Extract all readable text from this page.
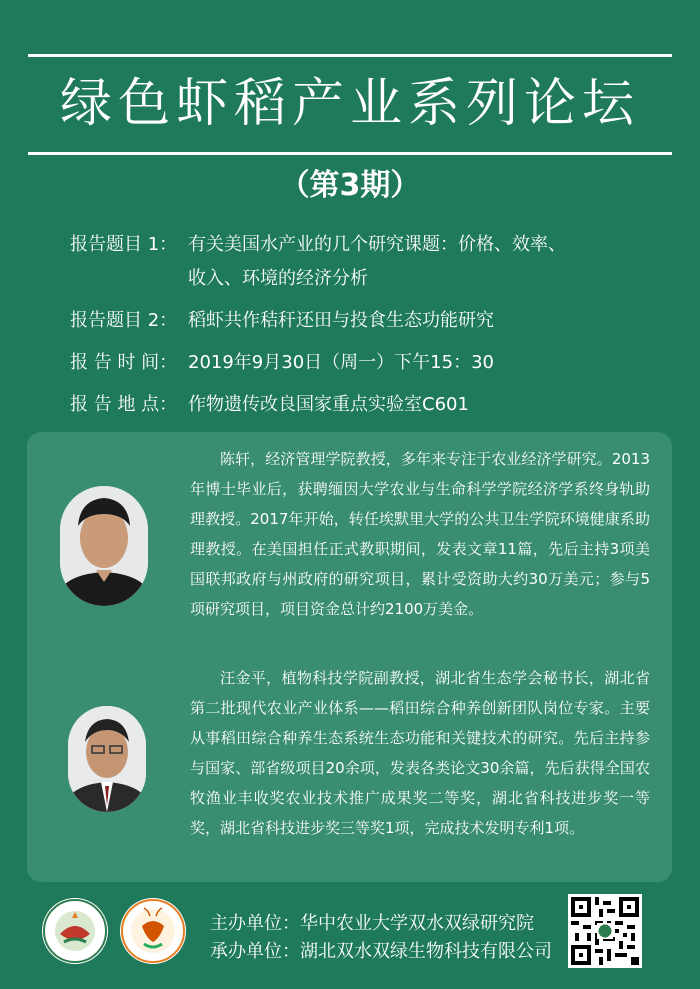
绿色虾稻产业系列论坛
（第3期）
报告题目 1： 有关美国水产业的几个研究课题：价格、效率、
收入、环境的经济分析
报告题目 2： 稻虾共作秸秆还田与投食生态功能研究
报 告 时 间： 2019年9月30日（周一）下午15：30
报 告 地 点： 作物遗传改良国家重点实验室C601

陈轩，经济管理学院教授，多年来专注于农业经济学研究。2013年博士毕业后，获聘缅因大学农业与生命科学学院经济学系终身轨助理教授。2017年开始，转任埃默里大学的公共卫生学院环境健康系助理教授。在美国担任正式教职期间，发表文章11篇，先后主持3项美国联邦政府与州政府的研究项目，累计受资助大约30万美元；参与5项研究项目，项目资金总计约2100万美金。

汪金平，植物科技学院副教授，湖北省生态学会秘书长，湖北省第二批现代农业产业体系——稻田综合种养创新团队岗位专家。主要从事稻田综合种养生态系统生态功能和关键技术的研究。先后主持参与国家、部省级项目20余项，发表各类论文30余篇，先后获得全国农牧渔业丰收奖农业技术推广成果奖二等奖，湖北省科技进步奖一等奖，湖北省科技进步奖三等奖1项，完成技术发明专利1项。

主办单位：华中农业大学双水双绿研究院
承办单位：湖北双水双绿生物科技有限公司
